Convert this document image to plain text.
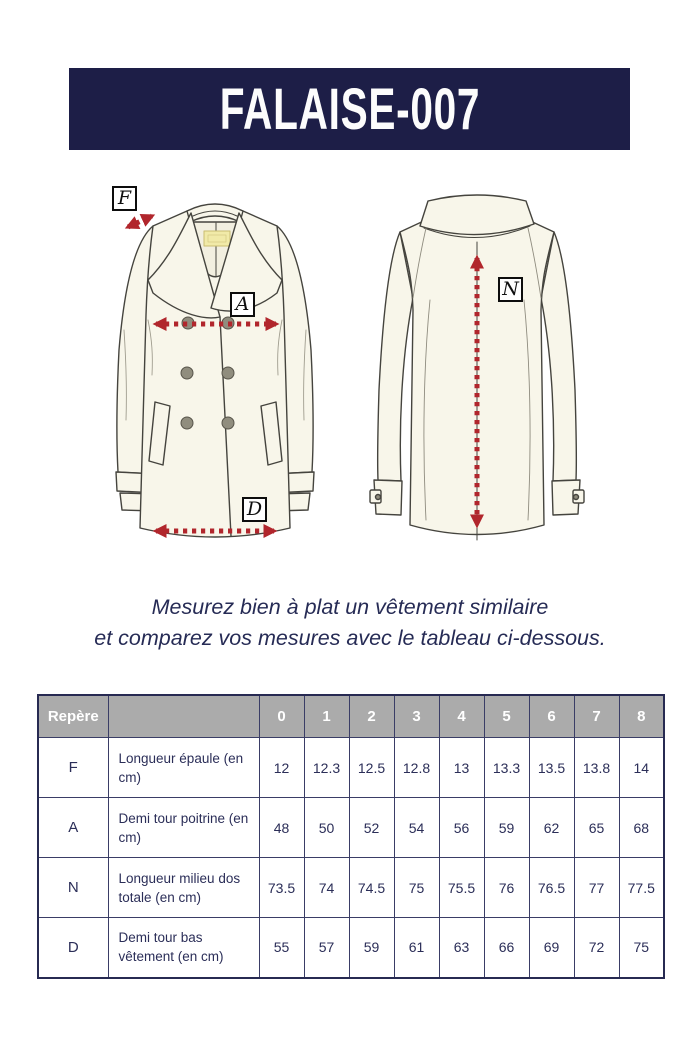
FALAISE-007
F
A
D
N
Mesurez bien à plat un vêtement similaire
et comparez vos mesures avec le tableau ci-dessous.
Repère		0	1	2	3	4	5	6	7	8
F	Longueur épaule (en cm)	12	12.3	12.5	12.8	13	13.3	13.5	13.8	14
A	Demi tour poitrine (en cm)	48	50	52	54	56	59	62	65	68
N	Longueur milieu dos totale (en cm)	73.5	74	74.5	75	75.5	76	76.5	77	77.5
D	Demi tour bas vêtement (en cm)	55	57	59	61	63	66	69	72	75
